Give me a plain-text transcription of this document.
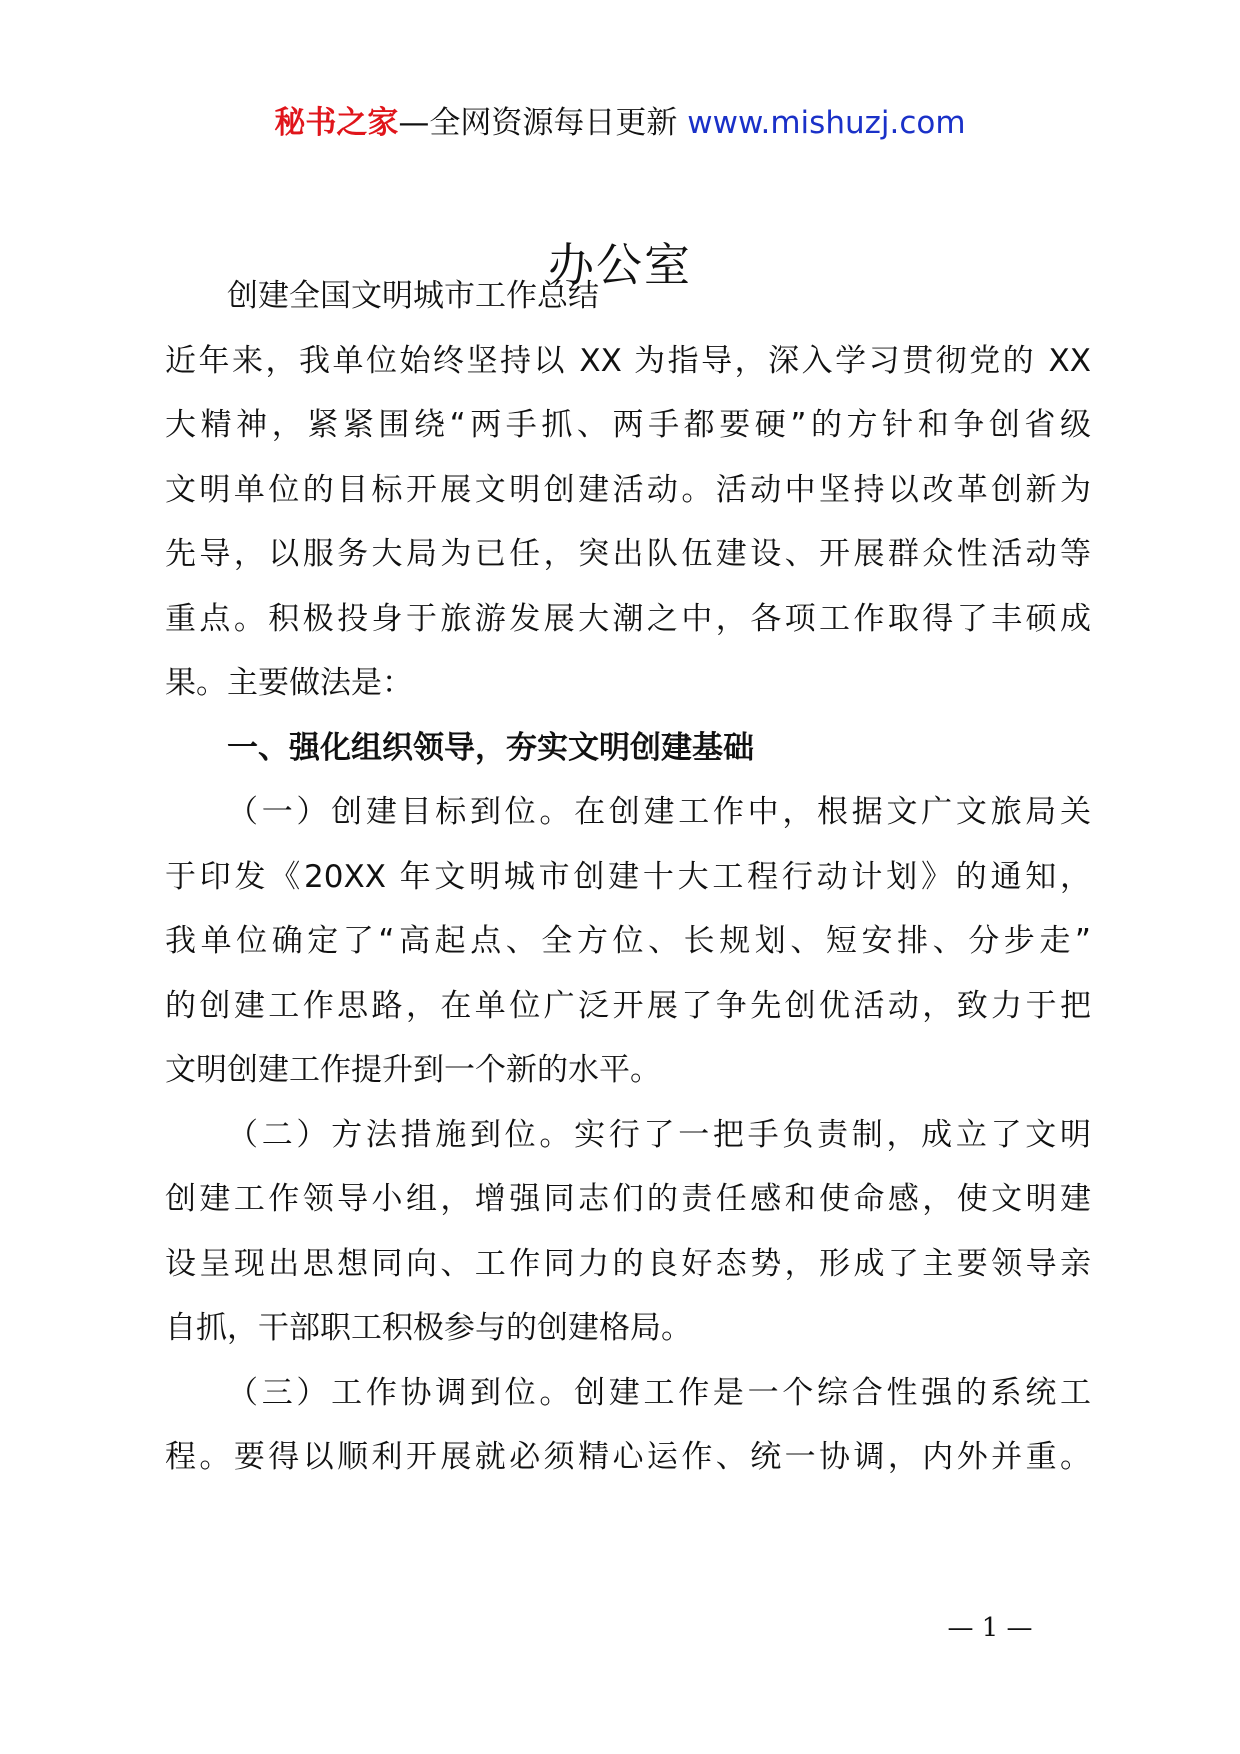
秘书之家—全网资源每日更新 www.mishuzj.com
办公室
创建全国文明城市工作总结
近年来，我单位始终坚持以 XX 为指导，深入学习贯彻党的 XX
大精神，紧紧围绕“两手抓、两手都要硬”的方针和争创省级
文明单位的目标开展文明创建活动。活动中坚持以改革创新为
先导，以服务大局为已任，突出队伍建设、开展群众性活动等
重点。积极投身于旅游发展大潮之中，各项工作取得了丰硕成
果。主要做法是：
一、强化组织领导，夯实文明创建基础
（一）创建目标到位。在创建工作中，根据文广文旅局关
于印发《20XX 年文明城市创建十大工程行动计划》的通知，
我单位确定了“高起点、全方位、长规划、短安排、分步走”
的创建工作思路，在单位广泛开展了争先创优活动，致力于把
文明创建工作提升到一个新的水平。
（二）方法措施到位。实行了一把手负责制，成立了文明
创建工作领导小组，增强同志们的责任感和使命感，使文明建
设呈现出思想同向、工作同力的良好态势，形成了主要领导亲
自抓，干部职工积极参与的创建格局。
（三）工作协调到位。创建工作是一个综合性强的系统工
程。要得以顺利开展就必须精心运作、统一协调，内外并重。
— 1 —
